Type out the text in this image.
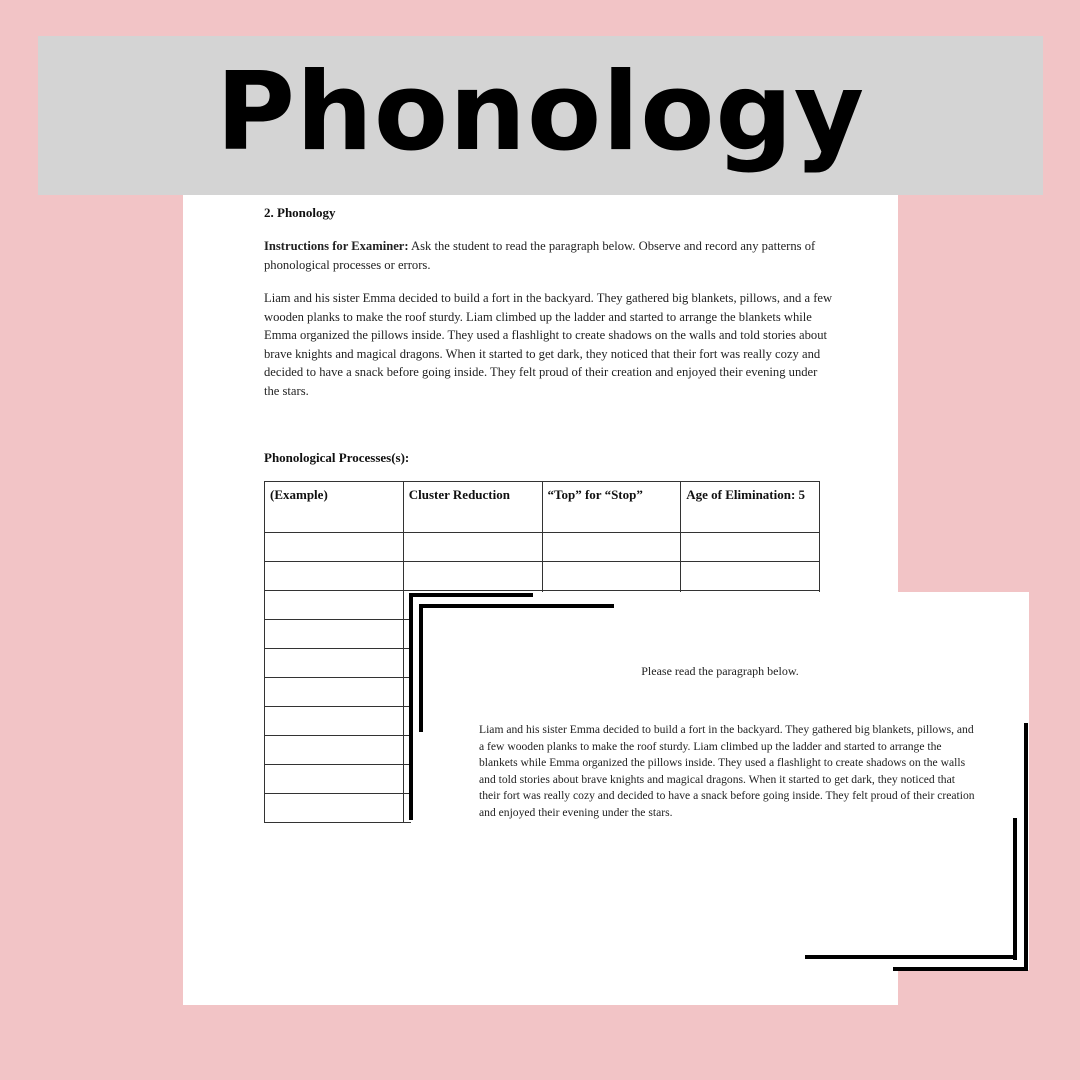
Phonology
2. Phonology
Instructions for Examiner: Ask the student to read the paragraph below. Observe and record any patterns of phonological processes or errors.
Liam and his sister Emma decided to build a fort in the backyard. They gathered big blankets, pillows, and a few wooden planks to make the roof sturdy. Liam climbed up the ladder and started to arrange the blankets while Emma organized the pillows inside. They used a flashlight to create shadows on the walls and told stories about brave knights and magical dragons. When it started to get dark, they noticed that their fort was really cozy and decided to have a snack before going inside. They felt proud of their creation and enjoyed their evening under the stars.
Phonological Processes(s):
(Example)	Cluster Reduction	“Top” for “Stop”	Age of Elimination: 5

Please read the paragraph below.
Liam and his sister Emma decided to build a fort in the backyard. They gathered big blankets, pillows, and a few wooden planks to make the roof sturdy. Liam climbed up the ladder and started to arrange the blankets while Emma organized the pillows inside. They used a flashlight to create shadows on the walls and told stories about brave knights and magical dragons. When it started to get dark, they noticed that their fort was really cozy and decided to have a snack before going inside. They felt proud of their creation and enjoyed their evening under the stars.
